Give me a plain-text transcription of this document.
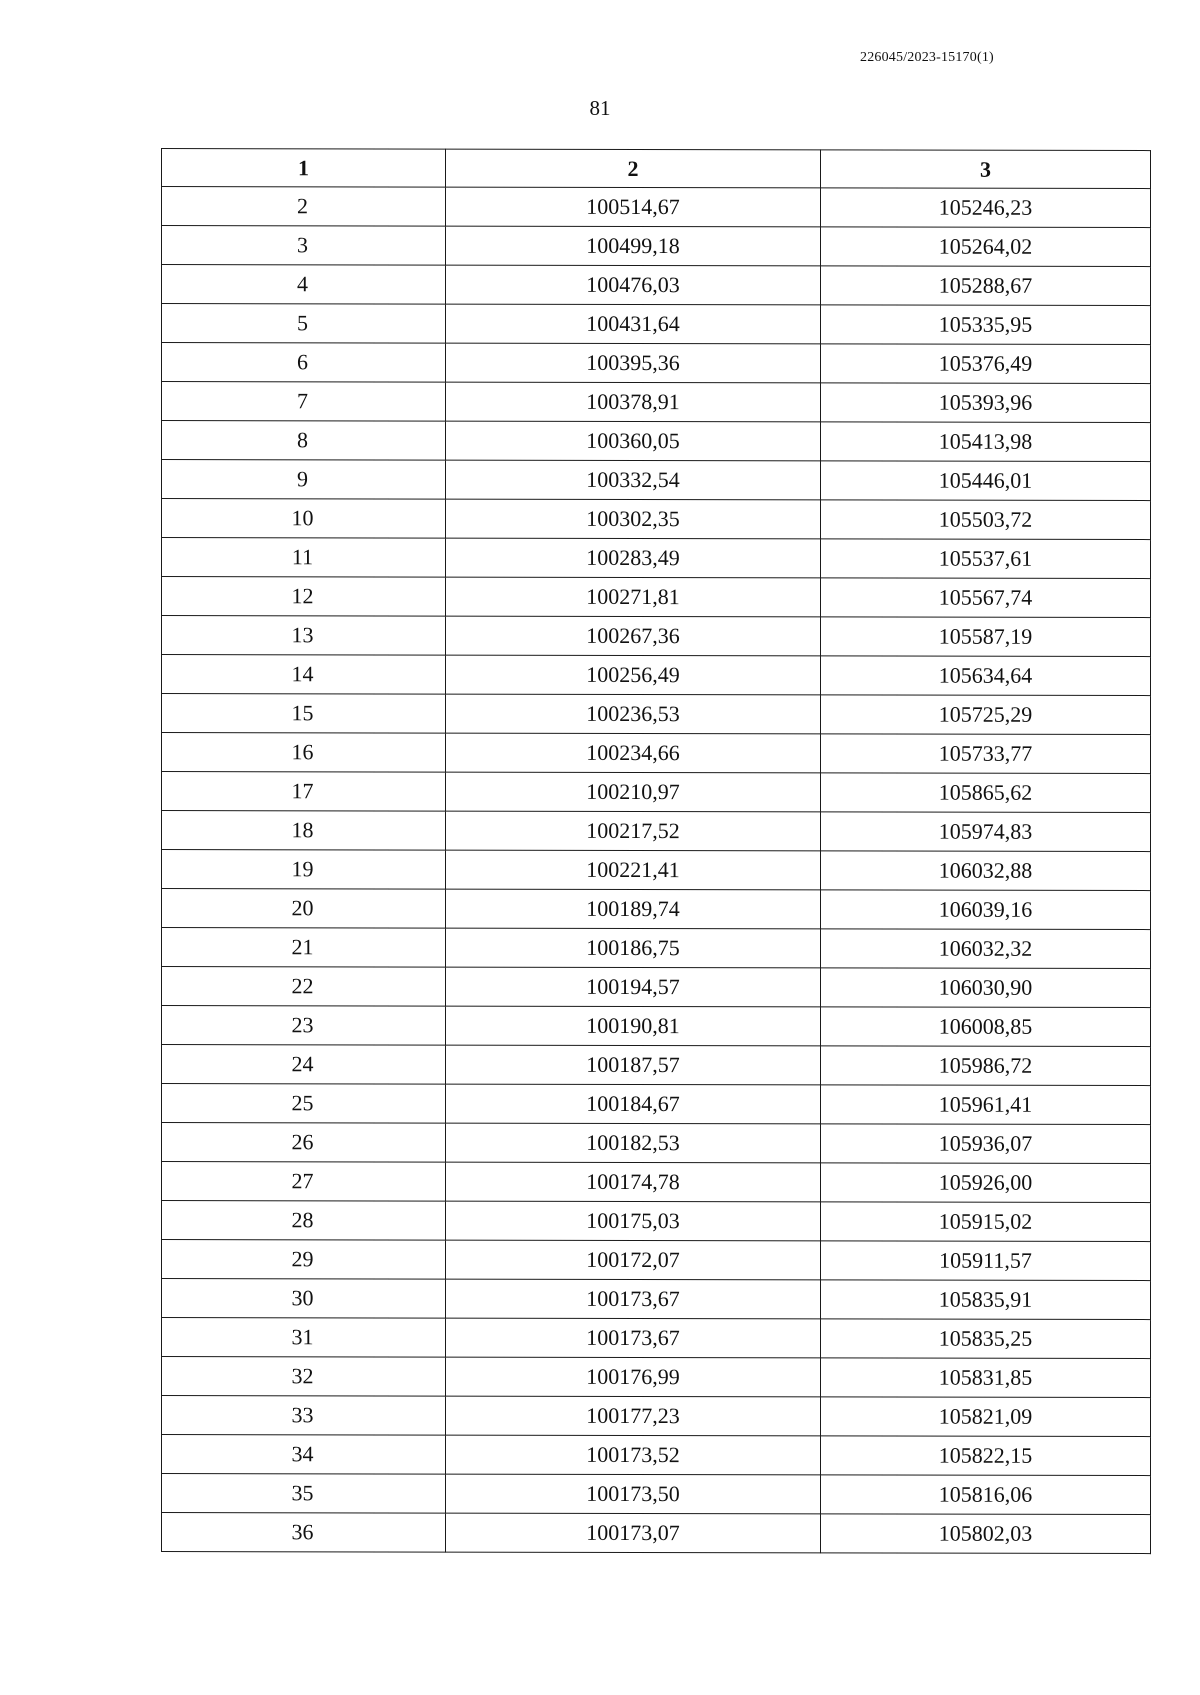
226045/2023-15170(1)
81
1	2	3
2	100514,67	105246,23
3	100499,18	105264,02
4	100476,03	105288,67
5	100431,64	105335,95
6	100395,36	105376,49
7	100378,91	105393,96
8	100360,05	105413,98
9	100332,54	105446,01
10	100302,35	105503,72
11	100283,49	105537,61
12	100271,81	105567,74
13	100267,36	105587,19
14	100256,49	105634,64
15	100236,53	105725,29
16	100234,66	105733,77
17	100210,97	105865,62
18	100217,52	105974,83
19	100221,41	106032,88
20	100189,74	106039,16
21	100186,75	106032,32
22	100194,57	106030,90
23	100190,81	106008,85
24	100187,57	105986,72
25	100184,67	105961,41
26	100182,53	105936,07
27	100174,78	105926,00
28	100175,03	105915,02
29	100172,07	105911,57
30	100173,67	105835,91
31	100173,67	105835,25
32	100176,99	105831,85
33	100177,23	105821,09
34	100173,52	105822,15
35	100173,50	105816,06
36	100173,07	105802,03
